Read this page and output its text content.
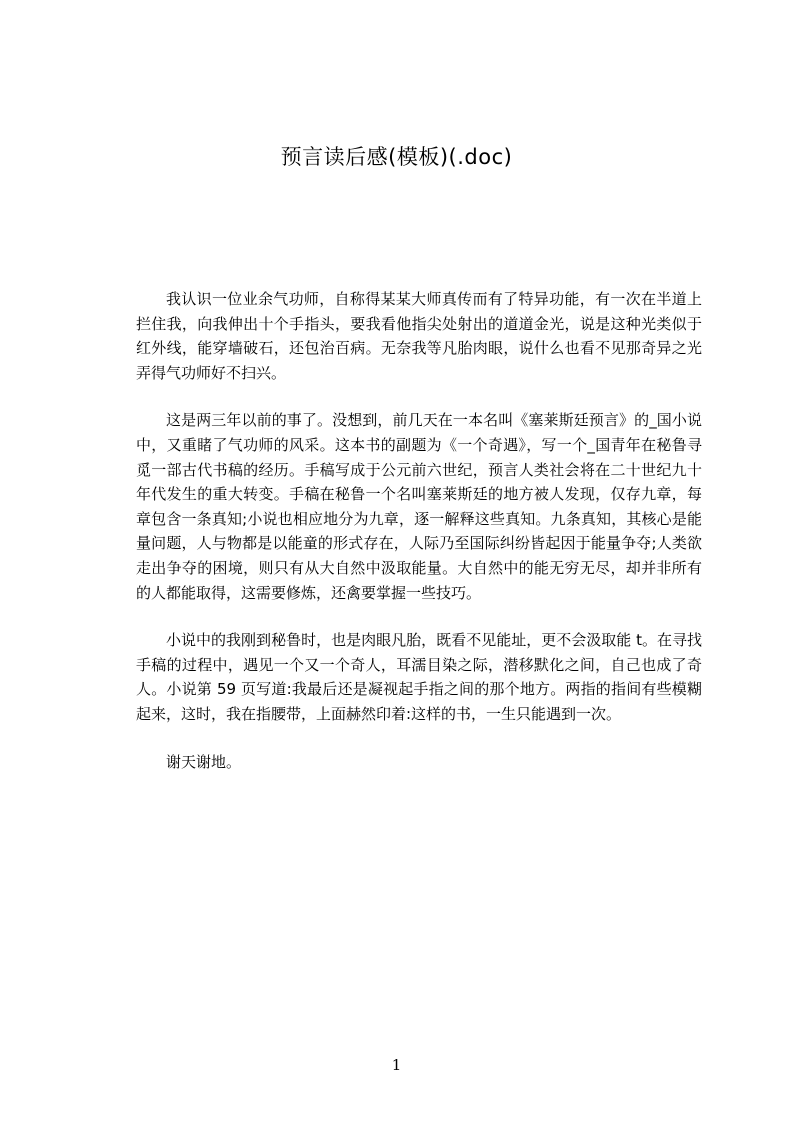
预言读后感(模板)(.doc)

我认识一位业余气功师，自称得某某大师真传而有了特异功能，有一次在半道上拦住我，向我伸出十个手指头，要我看他指尖处射出的道道金光，说是这种光类似于红外线，能穿墙破石，还包治百病。无奈我等凡胎肉眼，说什么也看不见那奇异之光弄得气功师好不扫兴。

这是两三年以前的事了。没想到，前几天在一本名叫《塞莱斯廷预言》的_国小说中，又重睹了气功师的风采。这本书的副题为《一个奇遇》，写一个_国青年在秘鲁寻觅一部古代书稿的经历。手稿写成于公元前六世纪，预言人类社会将在二十世纪九十年代发生的重大转变。手稿在秘鲁一个名叫塞莱斯廷的地方被人发现，仅存九章，每章包含一条真知;小说也相应地分为九章，逐一解释这些真知。九条真知，其核心是能量问题，人与物都是以能童的形式存在，人际乃至国际纠纷皆起因于能量争夺;人类欲走出争夺的困境，则只有从大自然中汲取能量。大自然中的能无穷无尽，却并非所有的人都能取得，这需要修炼，还禽要掌握一些技巧。

小说中的我刚到秘鲁时，也是肉眼凡胎，既看不见能址，更不会汲取能 t。在寻找手稿的过程中，遇见一个又一个奇人，耳濡目染之际，潜移默化之间，自己也成了奇人。小说第 59 页写道:我最后还是凝视起手指之间的那个地方。两指的指间有些模糊起来，这时，我在指腰带，上面赫然印着:这样的书，一生只能遇到一次。

谢天谢地。

1
